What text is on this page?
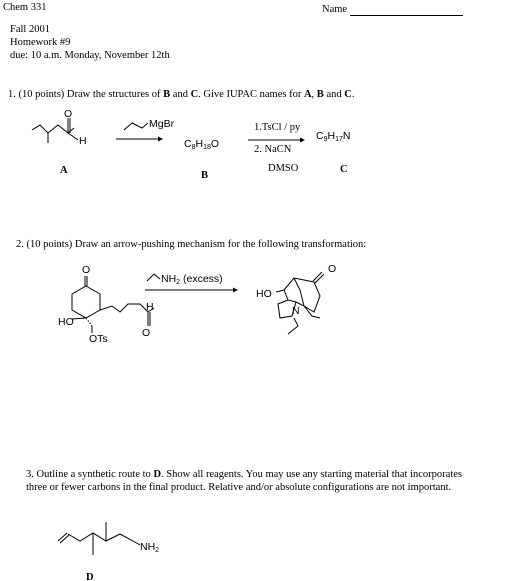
Chem 331	Name
Fall 2001
Homework #9
due: 10 a.m. Monday, November 12th
1. (10 points) Draw the structures of B and C. Give IUPAC names for A, B and C.
2. (10 points) Draw an arrow-pushing mechanism for the following transformation:
3. Outline a synthetic route to D. Show all reagents. You may use any starting material that incorporates
three or fewer carbons in the final product. Relative and/or absolute configurations are not important.
H
O
A
MgBr
C8H18O
B
1.TsCl / py
2. NaCN
DMSO
C9H17N
C
O
HO
OTs
H
O
NH2 (excess)
O
HO
N
NH2
D
